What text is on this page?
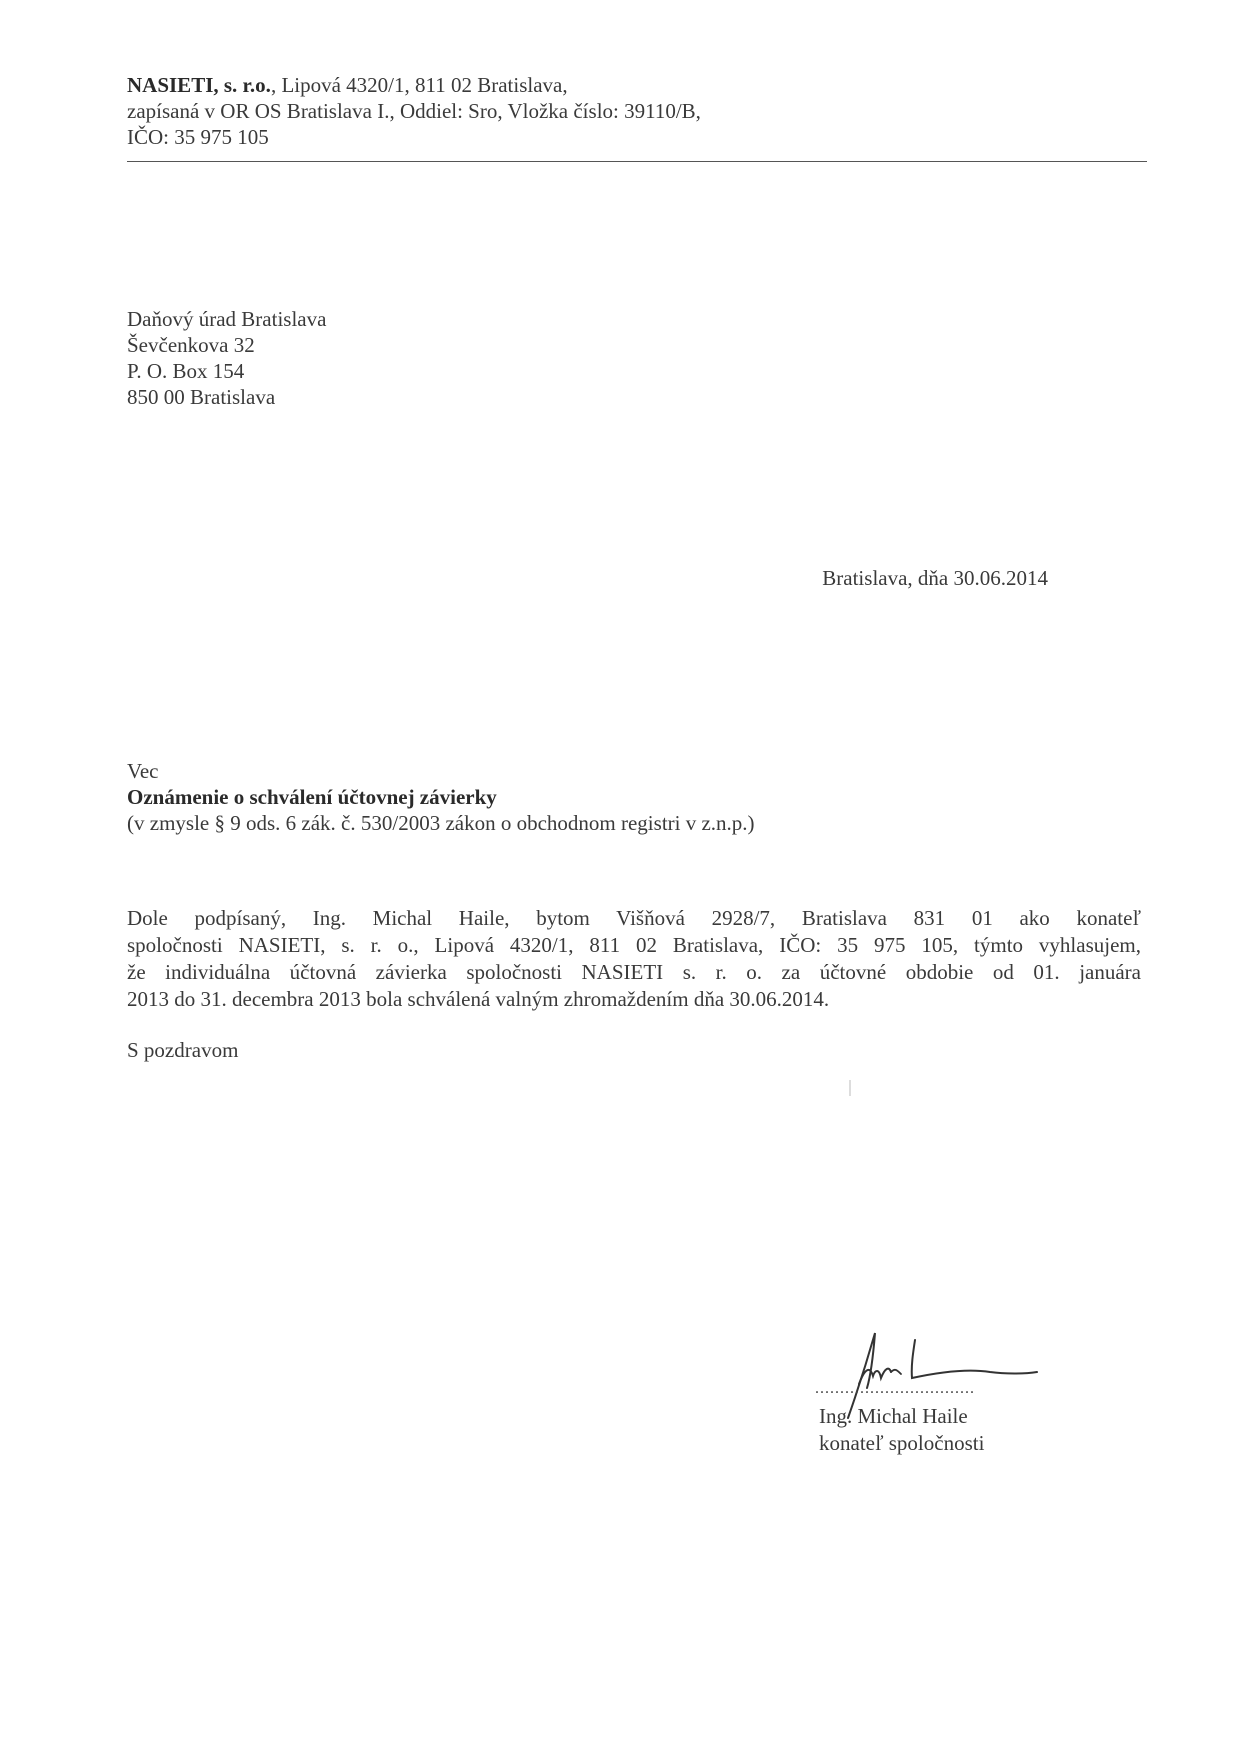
NASIETI, s. r.o., Lipová 4320/1, 811 02 Bratislava,
zapísaná v OR OS Bratislava I., Oddiel: Sro, Vložka číslo: 39110/B,
IČO: 35 975 105
Daňový úrad Bratislava
Ševčenkova 32
P. O. Box 154
850 00 Bratislava
Bratislava, dňa 30.06.2014
Vec
Oznámenie o schválení účtovnej závierky
(v zmysle § 9 ods. 6 zák. č. 530/2003 zákon o obchodnom registri v z.n.p.)
Dole podpísaný, Ing. Michal Haile, bytom Višňová 2928/7, Bratislava 831 01 ako konateľ
spoločnosti NASIETI, s. r. o., Lipová 4320/1, 811 02 Bratislava, IČO: 35 975 105, týmto vyhlasujem,
že individuálna účtovná závierka spoločnosti NASIETI s. r. o. za účtovné obdobie od 01. januára
2013 do 31. decembra 2013 bola schválená valným zhromaždením dňa 30.06.2014.
S pozdravom
................................
Ing. Michal Haile
konateľ spoločnosti
